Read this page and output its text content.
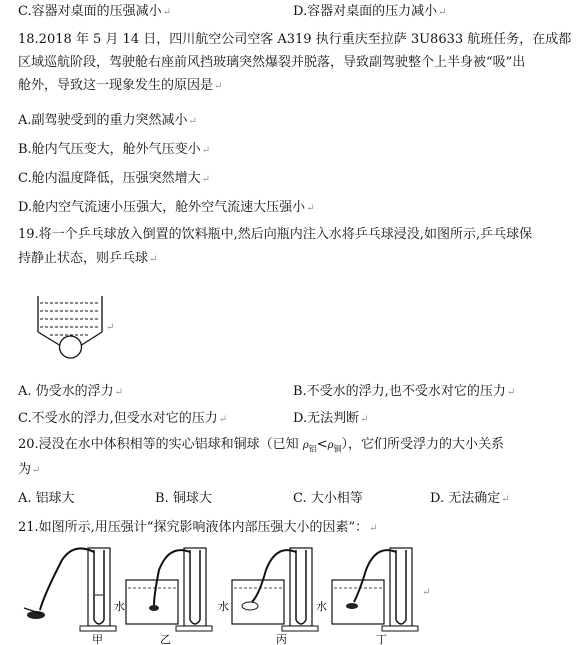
C.容器对桌面的压强减小↵	D.容器对桌面的压力减小↵
18.2018 年 5 月 14 日，四川航空公司空客 A319 执行重庆至拉萨 3U8633 航班任务，在成都
区域巡航阶段，驾驶舱右座前风挡玻璃突然爆裂并脱落，导致副驾驶整个上半身被“吸”出
舱外，导致这一现象发生的原因是↵
A.副驾驶受到的重力突然减小↵
B.舱内气压变大，舱外气压变小↵
C.舱内温度降低，压强突然增大↵
D.舱内空气流速小压强大，舱外空气流速大压强小↵
19.将一个乒乓球放入倒置的饮料瓶中,然后向瓶内注入水将乒乓球浸没,如图所示,乒乓球保
持静止状态，则乒乓球↵
↵
A. 仍受水的浮力↵	B.不受水的浮力,也不受水对它的压力↵
C.不受水的浮力,但受水对它的压力↵	D.无法判断↵
20.浸没在水中体积相等的实心铝球和铜球（已知 $\rho_铝<\rho_铜$），它们所受浮力的大小关系
为↵
A. 铝球大	B. 铜球大	C. 大小相等	D. 无法确定↵
21.如图所示,用压强计“探究影响液体内部压强大小的因素”：↵
甲
水
乙
水
丙
水
丁
↵
